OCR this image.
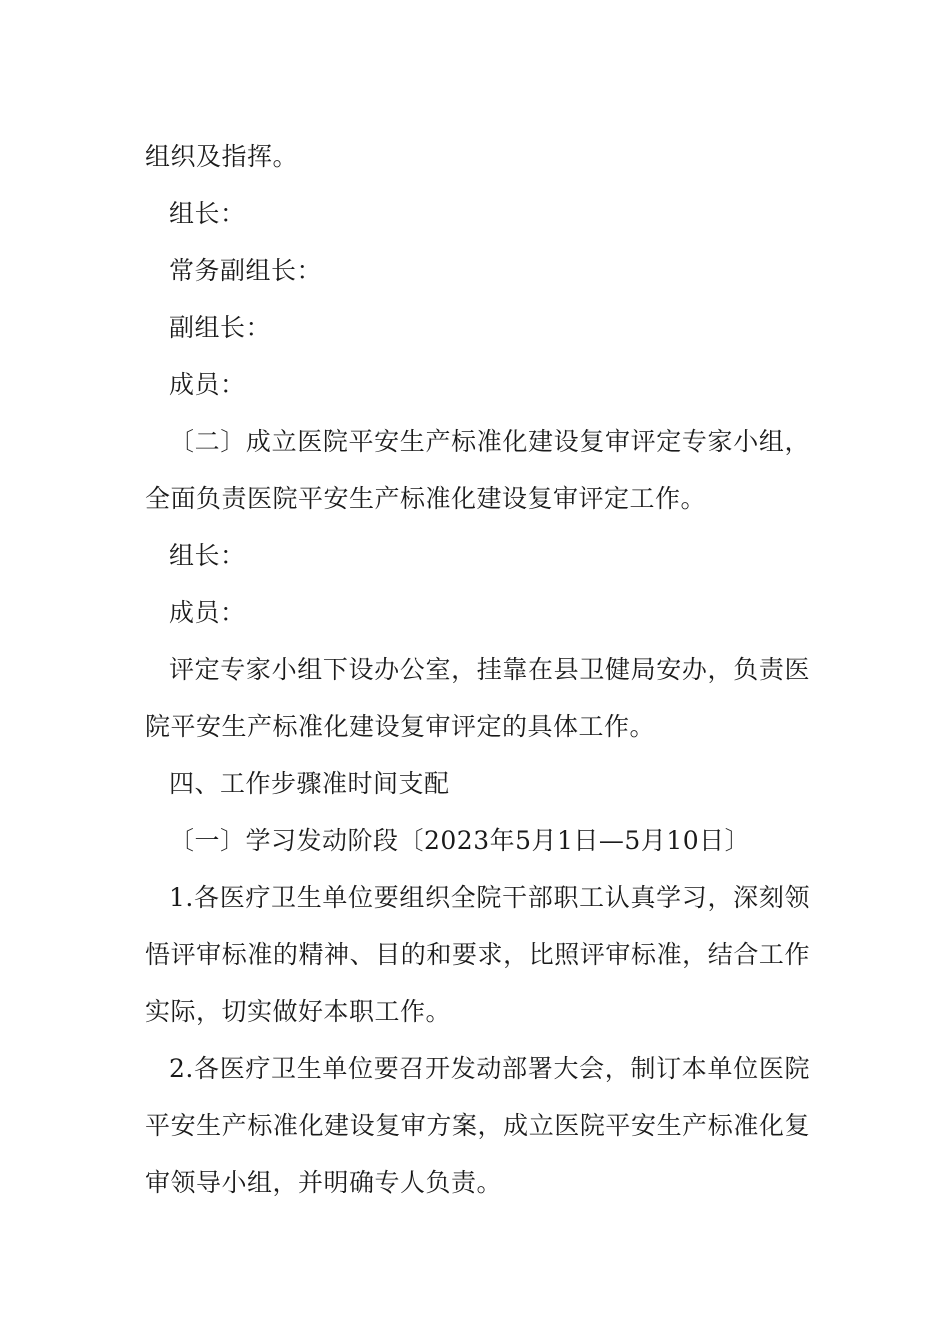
组织及指挥。

组长：

常务副组长：

副组长：

成员：

〔二〕成立医院平安生产标准化建设复审评定专家小组，全面负责医院平安生产标准化建设复审评定工作。

组长：

成员：

评定专家小组下设办公室，挂靠在县卫健局安办，负责医院平安生产标准化建设复审评定的具体工作。

四、工作步骤准时间支配

〔一〕学习发动阶段〔2023年5月1日—5月10日〕

1.各医疗卫生单位要组织全院干部职工认真学习，深刻领悟评审标准的精神、目的和要求，比照评审标准，结合工作实际，切实做好本职工作。

2.各医疗卫生单位要召开发动部署大会，制订本单位医院平安生产标准化建设复审方案，成立医院平安生产标准化复审领导小组，并明确专人负责。
